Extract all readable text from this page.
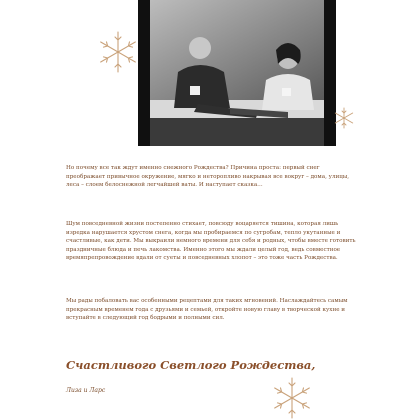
Но почему все так ждут именно снежного Рождества? Причина проста: первый снег преображает привычное окружение, мягко и неторопливо накрывая все вокруг – дома, улицы, леса – слоем белоснежной легчайшей ваты. И наступает сказка…

Шум повседневной жизни постепенно стихает, повсюду воцаряется тишина, которая лишь изредка нарушается хрустом снега, когда мы пробираемся по сугробам, тепло укутанные и счастливые, как дети. Мы выкраили немного времени для себя и родных, чтобы вместе готовить праздничные блюда и печь лакомства. Именно этого мы ждали целый год, ведь совместное времяпрепровождение вдали от суеты и повседневных хлопот – это тоже часть Рождества.

Мы рады побаловать вас особенными рецептами для таких мгновений. Наслаждайтесь самым прекрасным временем года с друзьями и семьей, откройте новую главу в творческой кухне и вступайте в следующий год бодрыми и полными сил.

Счастливого Светлого Рождества,
Лиза и Ларс
